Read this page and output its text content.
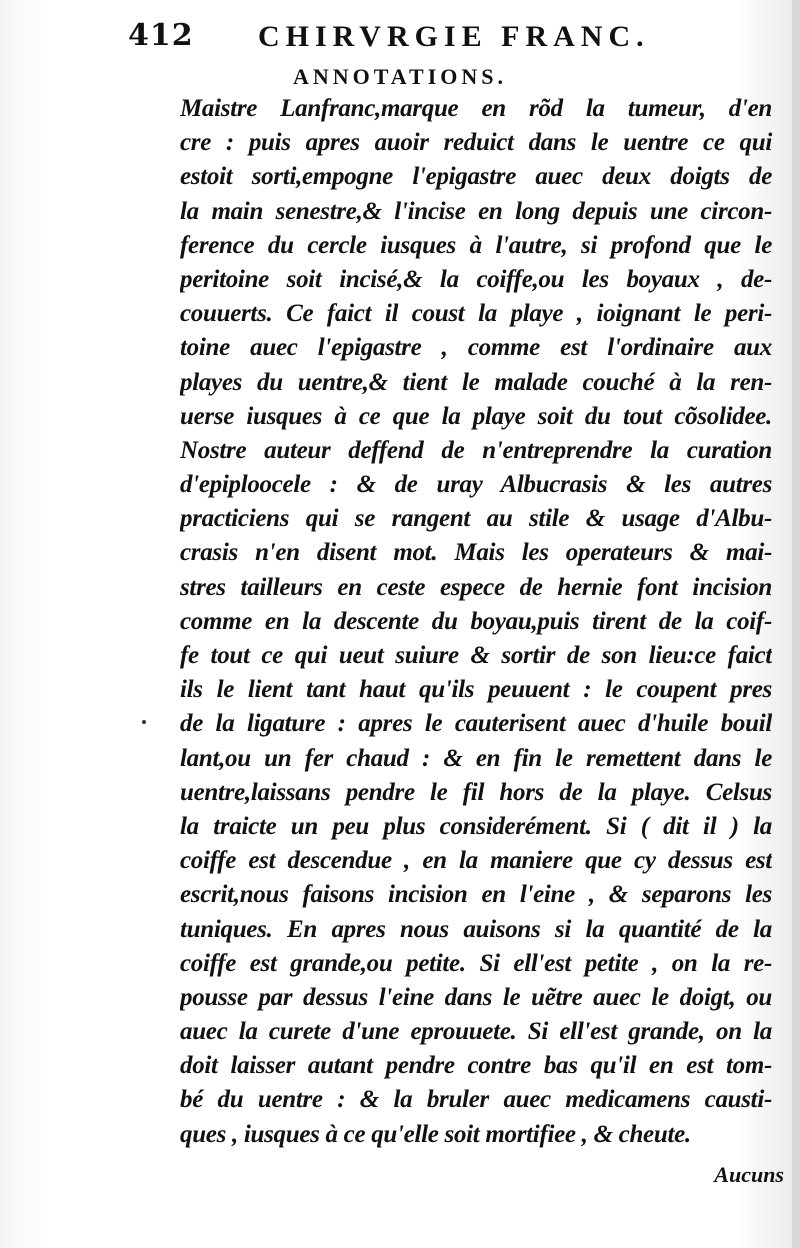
412 CHIRVRGIE FRANC.
ANNOTATIONS.
Maistre Lanfranc,marque en rõd la tumeur, d'en
cre : puis apres auoir reduict dans le uentre ce qui
estoit sorti,empogne l'epigastre auec deux doigts de
la main senestre,& l'incise en long depuis une circon-
ference du cercle iusques à l'autre, si profond que le
peritoine soit incisé,& la coiffe,ou les boyaux , de-
couuerts. Ce faict il coust la playe , ioignant le peri-
toine auec l'epigastre , comme est l'ordinaire aux
playes du uentre,& tient le malade couché à la ren-
uerse iusques à ce que la playe soit du tout cõsolidee.
Nostre auteur deffend de n'entreprendre la curation
d'epiploocele : & de uray Albucrasis & les autres
practiciens qui se rangent au stile & usage d'Albu-
crasis n'en disent mot. Mais les operateurs & mai-
stres tailleurs en ceste espece de hernie font incision
comme en la descente du boyau,puis tirent de la coif-
fe tout ce qui ueut suiure & sortir de son lieu:ce faict
ils le lient tant haut qu'ils peuuent : le coupent pres
de la ligature : apres le cauterisent auec d'huile bouil
lant,ou un fer chaud : & en fin le remettent dans le
uentre,laissans pendre le fil hors de la playe. Celsus
la traicte un peu plus considerément. Si ( dit il ) la
coiffe est descendue , en la maniere que cy dessus est
escrit,nous faisons incision en l'eine , & separons les
tuniques. En apres nous auisons si la quantité de la
coiffe est grande,ou petite. Si ell'est petite , on la re-
pousse par dessus l'eine dans le uẽtre auec le doigt, ou
auec la curete d'une eprouuete. Si ell'est grande, on la
doit laisser autant pendre contre bas qu'il en est tom-
bé du uentre : & la bruler auec medicamens causti-
ques , iusques à ce qu'elle soit mortifiee , & cheute.
Aucuns
